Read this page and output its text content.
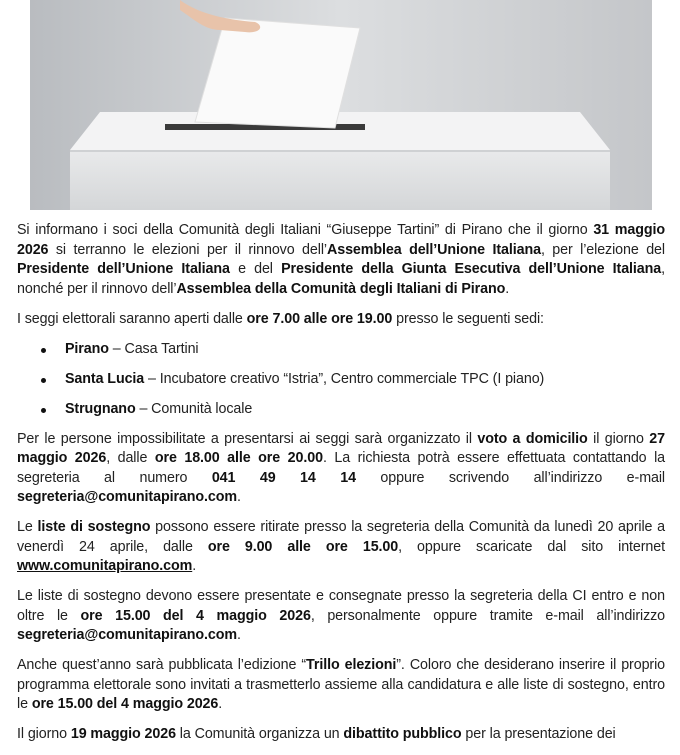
Si informano i soci della Comunità degli Italiani “Giuseppe Tartini” di Pirano che il giorno 31 maggio 2026 si terranno le elezioni per il rinnovo dell’Assemblea dell’Unione Italiana, per l’elezione del Presidente dell’Unione Italiana e del Presidente della Giunta Esecutiva dell’Unione Italiana, nonché per il rinnovo dell’Assemblea della Comunità degli Italiani di Pirano.

I seggi elettorali saranno aperti dalle ore 7.00 alle ore 19.00 presso le seguenti sedi:

Pirano – Casa Tartini
Santa Lucia – Incubatore creativo “Istria”, Centro commerciale TPC (I piano)
Strugnano – Comunità locale

Per le persone impossibilitate a presentarsi ai seggi sarà organizzato il voto a domicilio il giorno 27 maggio 2026, dalle ore 18.00 alle ore 20.00. La richiesta potrà essere effettuata contattando la segreteria al numero 041 49 14 14 oppure scrivendo all’indirizzo e-mail segreteria@comunitapirano.com.

Le liste di sostegno possono essere ritirate presso la segreteria della Comunità da lunedì 20 aprile a venerdì 24 aprile, dalle ore 9.00 alle ore 15.00, oppure scaricate dal sito internet www.comunitapirano.com.

Le liste di sostegno devono essere presentate e consegnate presso la segreteria della CI entro e non oltre le ore 15.00 del 4 maggio 2026, personalmente oppure tramite e-mail all’indirizzo segreteria@comunitapirano.com.

Anche quest’anno sarà pubblicata l’edizione “Trillo elezioni”. Coloro che desiderano inserire il proprio programma elettorale sono invitati a trasmetterlo assieme alla candidatura e alle liste di sostegno, entro le ore 15.00 del 4 maggio 2026.

Il giorno 19 maggio 2026 la Comunità organizza un dibattito pubblico per la presentazione dei
